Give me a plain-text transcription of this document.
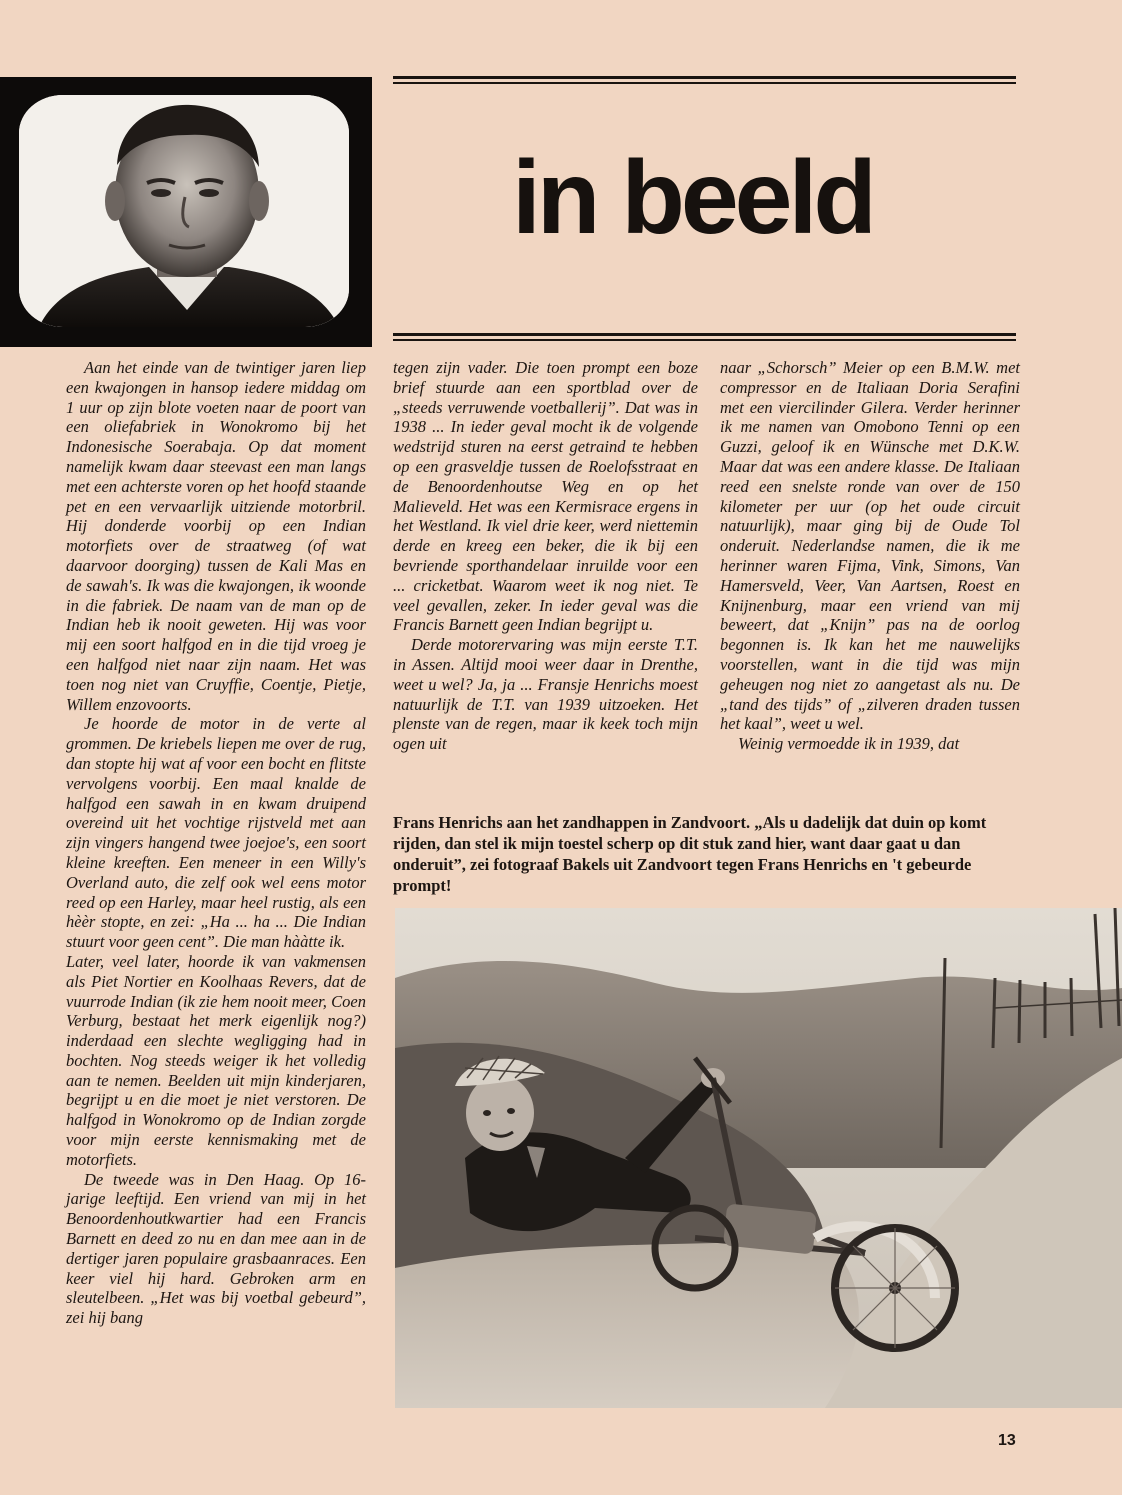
in beeld

Aan het einde van de twintiger jaren liep een kwajongen in hansop iedere middag om 1 uur op zijn blote voeten naar de poort van een oliefabriek in Wonokromo bij het Indonesische Soerabaja. Op dat moment namelijk kwam daar steevast een man langs met een achterste voren op het hoofd staande pet en een vervaarlijk uitziende motorbril. Hij donderde voorbij op een Indian motorfiets over de straatweg (of wat daarvoor doorging) tussen de Kali Mas en de sawah's. Ik was die kwajongen, ik woonde in die fabriek. De naam van de man op de Indian heb ik nooit geweten. Hij was voor mij een soort halfgod en in die tijd vroeg je een halfgod niet naar zijn naam. Het was toen nog niet van Cruyffie, Coentje, Pietje, Willem enzovoorts.

Je hoorde de motor in de verte al grommen. De kriebels liepen me over de rug, dan stopte hij wat af voor een bocht en flitste vervolgens voorbij. Een maal knalde de halfgod een sawah in en kwam druipend overeind uit het vochtige rijstveld met aan zijn vingers hangend twee joejoe's, een soort kleine kreeften. Een meneer in een Willy's Overland auto, die zelf ook wel eens motor reed op een Harley, maar heel rustig, als een hèèr stopte, en zei: „Ha ... ha ... Die Indian stuurt voor geen cent”. Die man hààtte ik.

Later, veel later, hoorde ik van vakmensen als Piet Nortier en Koolhaas Revers, dat de vuurrode Indian (ik zie hem nooit meer, Coen Verburg, bestaat het merk eigenlijk nog?) inderdaad een slechte wegligging had in bochten. Nog steeds weiger ik het volledig aan te nemen. Beelden uit mijn kinderjaren, begrijpt u en die moet je niet verstoren. De halfgod in Wonokromo op de Indian zorgde voor mijn eerste kennismaking met de motorfiets.

De tweede was in Den Haag. Op 16-jarige leeftijd. Een vriend van mij in het Benoordenhoutkwartier had een Francis Barnett en deed zo nu en dan mee aan in de dertiger jaren populaire grasbaanraces. Een keer viel hij hard. Gebroken arm en sleutelbeen. „Het was bij voetbal gebeurd”, zei hij bang

tegen zijn vader. Die toen prompt een boze brief stuurde aan een sportblad over de „steeds verruwende voetballerij”. Dat was in 1938 ... In ieder geval mocht ik de volgende wedstrijd sturen na eerst getraind te hebben op een grasveldje tussen de Roelofsstraat en de Benoordenhoutse Weg en op het Malieveld. Het was een Kermisrace ergens in het Westland. Ik viel drie keer, werd niettemin derde en kreeg een beker, die ik bij een bevriende sporthandelaar inruilde voor een ... cricketbat. Waarom weet ik nog niet. Te veel gevallen, zeker. In ieder geval was die Francis Barnett geen Indian begrijpt u.

Derde motorervaring was mijn eerste T.T. in Assen. Altijd mooi weer daar in Drenthe, weet u wel? Ja, ja ... Fransje Henrichs moest natuurlijk de T.T. van 1939 uitzoeken. Het plenste van de regen, maar ik keek toch mijn ogen uit

naar „Schorsch” Meier op een B.M.W. met compressor en de Italiaan Doria Serafini met een viercilinder Gilera. Verder herinner ik me namen van Omobono Tenni op een Guzzi, geloof ik en Wünsche met D.K.W. Maar dat was een andere klasse. De Italiaan reed een snelste ronde van over de 150 kilometer per uur (op het oude circuit natuurlijk), maar ging bij de Oude Tol onderuit. Nederlandse namen, die ik me herinner waren Fijma, Vink, Simons, Van Hamersveld, Veer, Van Aartsen, Roest en Knijnenburg, maar een vriend van mij beweert, dat „Knijn” pas na de oorlog begonnen is. Ik kan het me nauwelijks voorstellen, want in die tijd was mijn geheugen nog niet zo aangetast als nu. De „tand des tijds” of „zilveren draden tussen het kaal”, weet u wel.

Weinig vermoedde ik in 1939, dat

Frans Henrichs aan het zandhappen in Zandvoort. „Als u dadelijk dat duin op komt rijden, dan stel ik mijn toestel scherp op dit stuk zand hier, want daar gaat u dan onderuit”, zei fotograaf Bakels uit Zandvoort tegen Frans Henrichs en 't gebeurde prompt!
13
